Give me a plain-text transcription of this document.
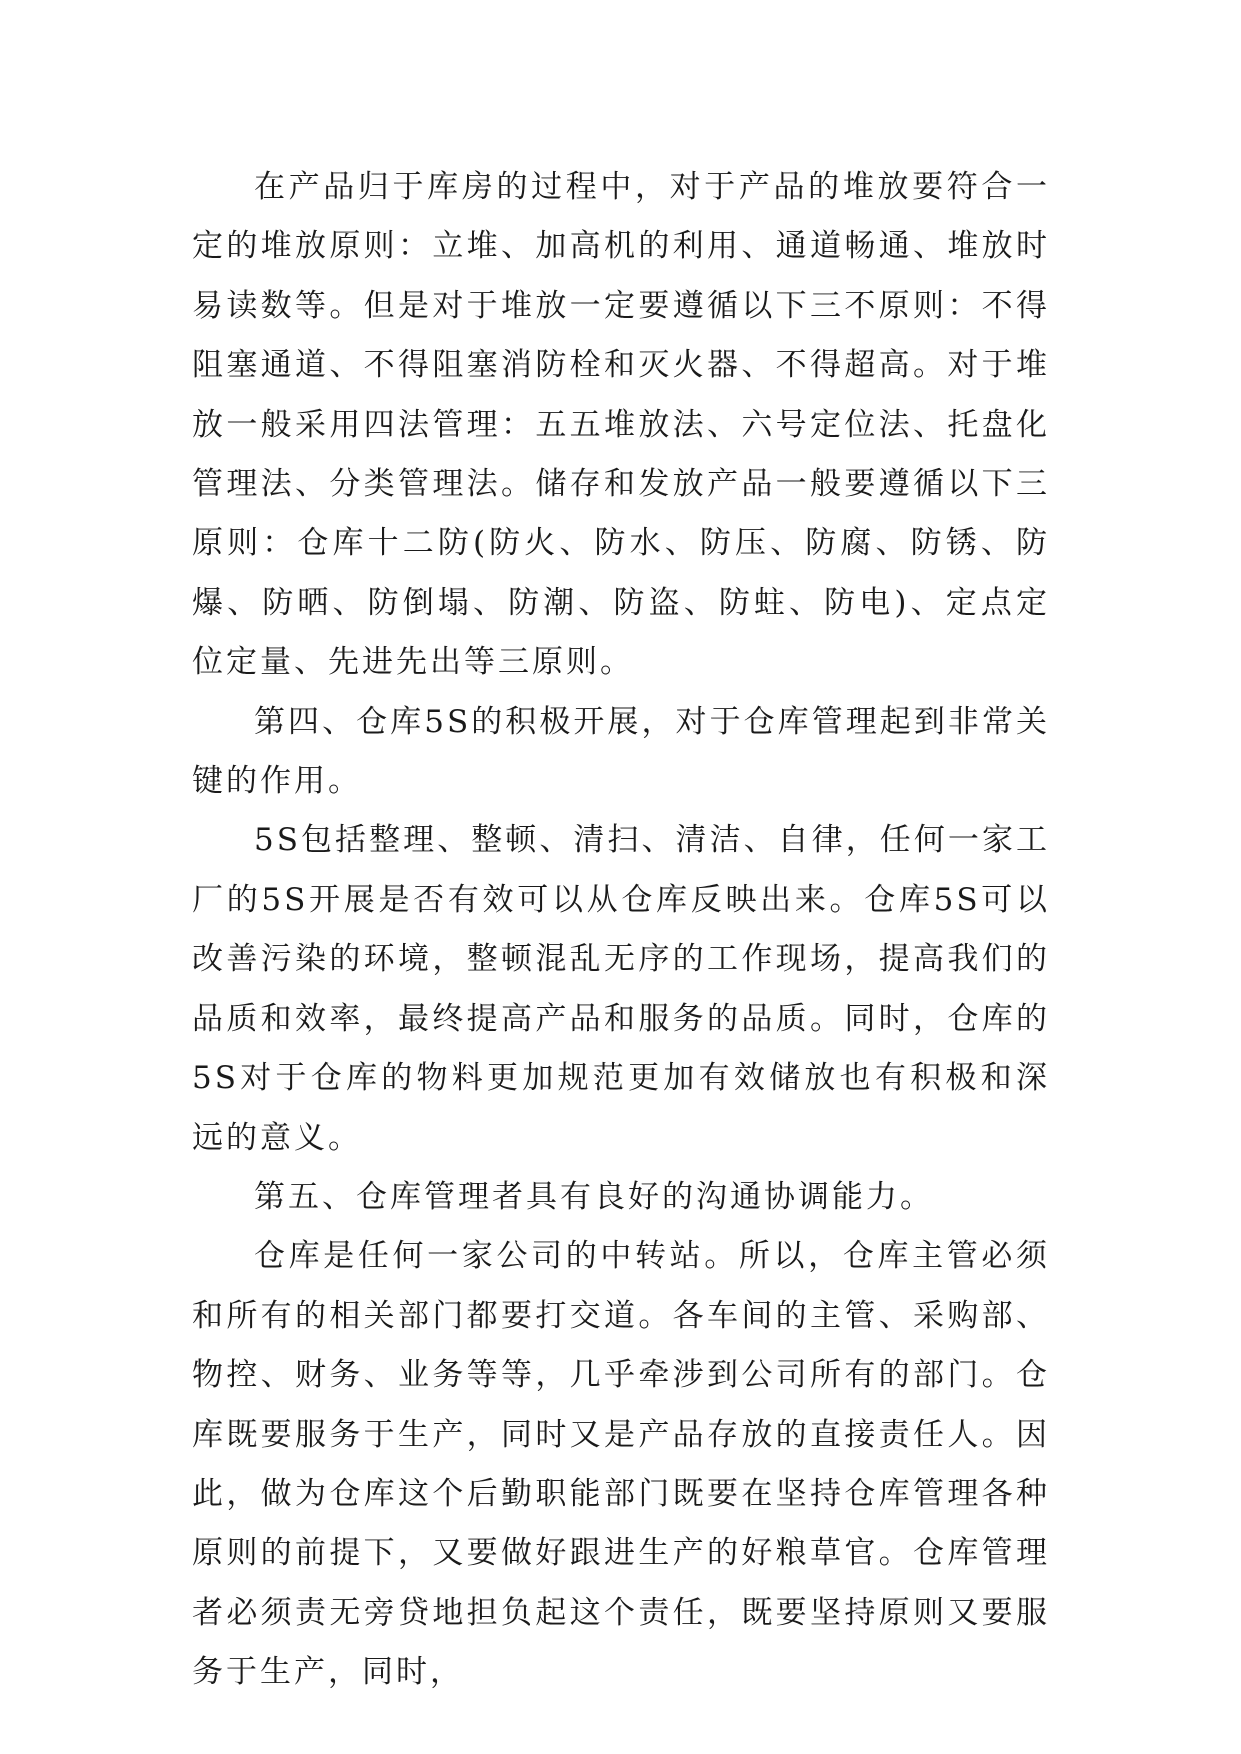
在产品归于库房的过程中，对于产品的堆放要符合一定的堆放原则：立堆、加高机的利用、通道畅通、堆放时易读数等。但是对于堆放一定要遵循以下三不原则：不得阻塞通道、不得阻塞消防栓和灭火器、不得超高。对于堆放一般采用四法管理：五五堆放法、六号定位法、托盘化管理法、分类管理法。储存和发放产品一般要遵循以下三原则：仓库十二防(防火、防水、防压、防腐、防锈、防爆、防晒、防倒塌、防潮、防盗、防蛀、防电)、定点定位定量、先进先出等三原则。

第四、仓库5S的积极开展，对于仓库管理起到非常关键的作用。

5S包括整理、整顿、清扫、清洁、自律，任何一家工厂的5S开展是否有效可以从仓库反映出来。仓库5S可以改善污染的环境，整顿混乱无序的工作现场，提高我们的品质和效率，最终提高产品和服务的品质。同时，仓库的5S对于仓库的物料更加规范更加有效储放也有积极和深远的意义。

第五、仓库管理者具有良好的沟通协调能力。

仓库是任何一家公司的中转站。所以，仓库主管必须和所有的相关部门都要打交道。各车间的主管、采购部、物控、财务、业务等等，几乎牵涉到公司所有的部门。仓库既要服务于生产，同时又是产品存放的直接责任人。因此，做为仓库这个后勤职能部门既要在坚持仓库管理各种原则的前提下，又要做好跟进生产的好粮草官。仓库管理者必须责无旁贷地担负起这个责任，既要坚持原则又要服务于生产，同时，
